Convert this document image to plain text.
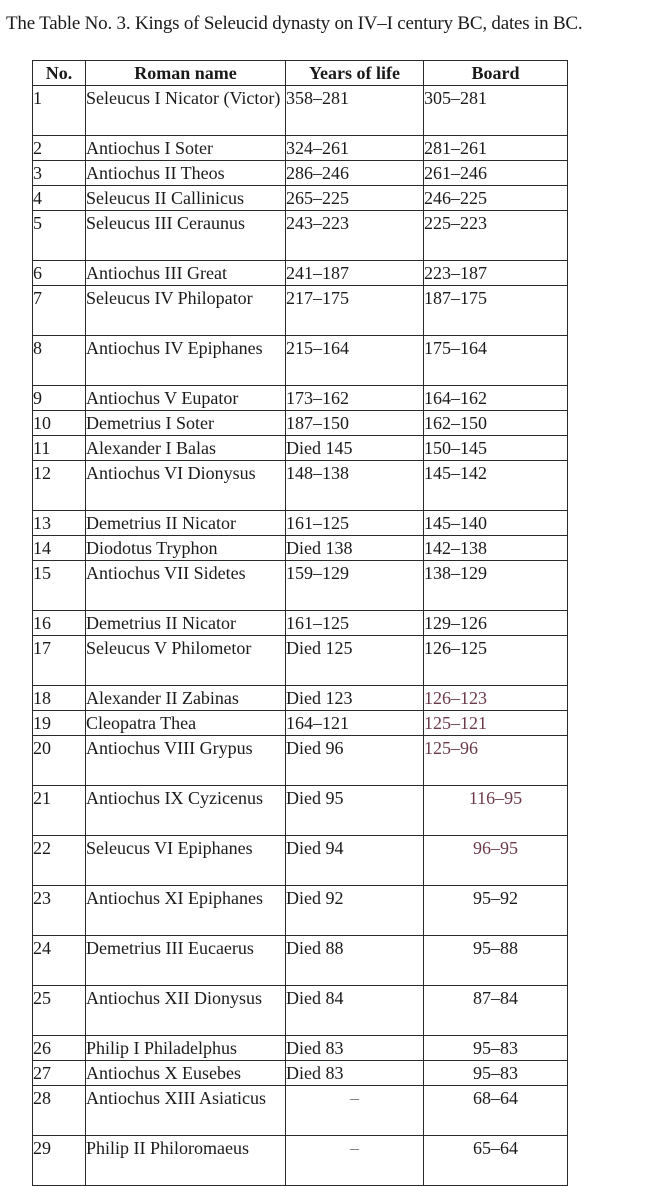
The Table No. 3. Kings of Seleucid dynasty on IV–I century BC, dates in BC.
No.	Roman name	Years of life	Board
1	Seleucus I Nicator (Victor)	358–281	305–281
2	Antiochus I Soter	324–261	281–261
3	Antiochus II Theos	286–246	261–246
4	Seleucus II Callinicus	265–225	246–225
5	Seleucus III Ceraunus	243–223	225–223
6	Antiochus III Great	241–187	223–187
7	Seleucus IV Philopator	217–175	187–175
8	Antiochus IV Epiphanes	215–164	175–164
9	Antiochus V Eupator	173–162	164–162
10	Demetrius I Soter	187–150	162–150
11	Alexander I Balas	Died 145	150–145
12	Antiochus VI Dionysus	148–138	145–142
13	Demetrius II Nicator	161–125	145–140
14	Diodotus Tryphon	Died 138	142–138
15	Antiochus VII Sidetes	159–129	138–129
16	Demetrius II Nicator	161–125	129–126
17	Seleucus V Philometor	Died 125	126–125
18	Alexander II Zabinas	Died 123	126–123
19	Cleopatra Thea	164–121	125–121
20	Antiochus VIII Grypus	Died 96	125–96
21	Antiochus IX Cyzicenus	Died 95	116–95
22	Seleucus VI Epiphanes	Died 94	96–95
23	Antiochus XI Epiphanes	Died 92	95–92
24	Demetrius III Eucaerus	Died 88	95–88
25	Antiochus XII Dionysus	Died 84	87–84
26	Philip I Philadelphus	Died 83	95–83
27	Antiochus X Eusebes	Died 83	95–83
28	Antiochus XIII Asiaticus	–	68–64
29	Philip II Philoromaeus	–	65–64
